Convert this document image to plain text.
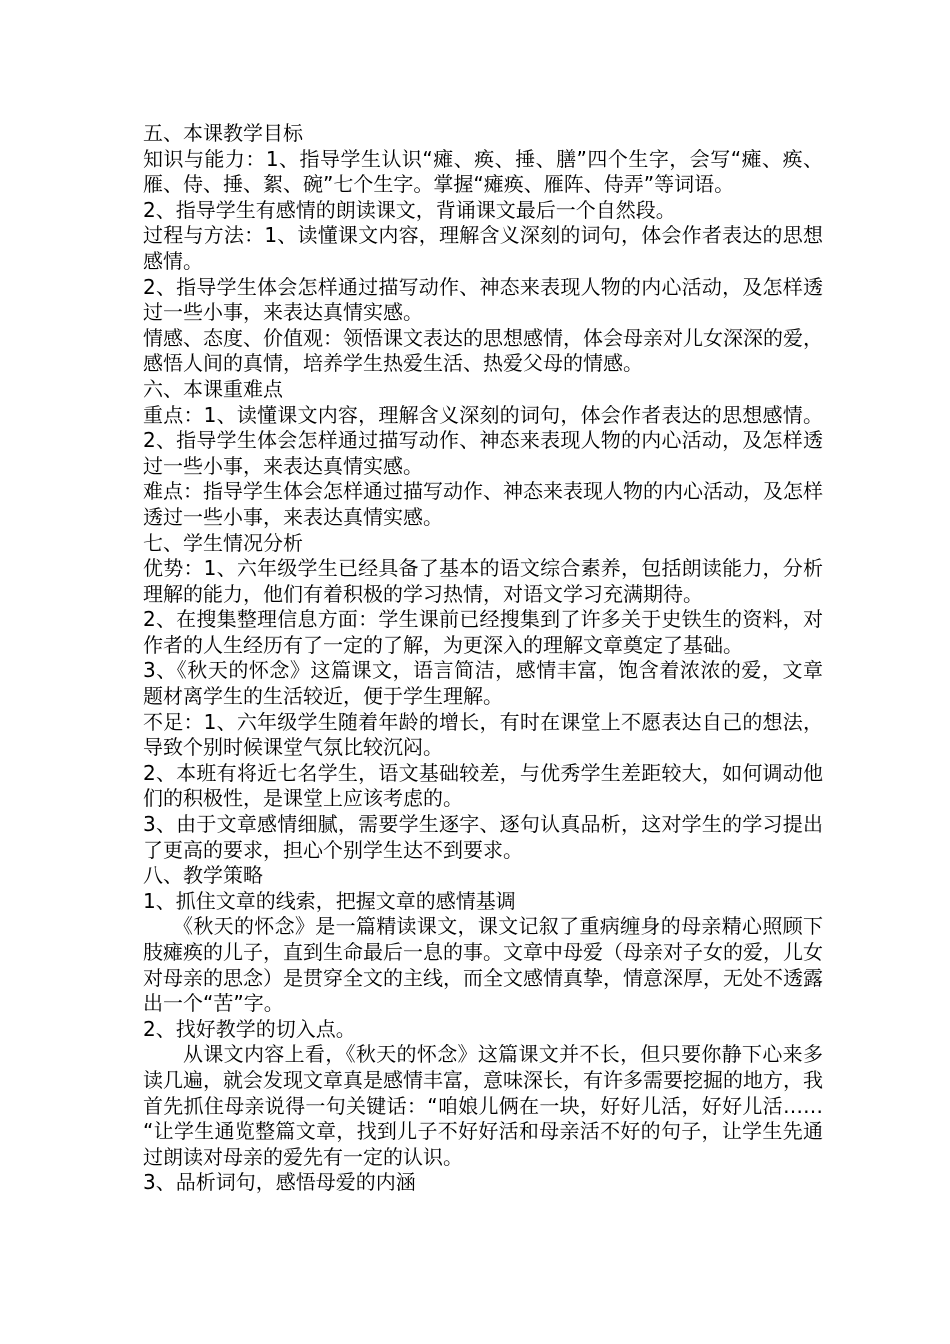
五、本课教学目标

知识与能力：1、指导学生认识“瘫、痪、捶、膳”四个生字，会写“瘫、痪、雁、侍、捶、絮、碗”七个生字。掌握“瘫痪、雁阵、侍弄”等词语。

2、指导学生有感情的朗读课文，背诵课文最后一个自然段。

过程与方法：1、读懂课文内容，理解含义深刻的词句，体会作者表达的思想感情。

2、指导学生体会怎样通过描写动作、神态来表现人物的内心活动，及怎样透过一些小事，来表达真情实感。

情感、态度、价值观：领悟课文表达的思想感情，体会母亲对儿女深深的爱，感悟人间的真情，培养学生热爱生活、热爱父母的情感。

六、本课重难点

重点：1、读懂课文内容，理解含义深刻的词句，体会作者表达的思想感情。2、指导学生体会怎样通过描写动作、神态来表现人物的内心活动，及怎样透过一些小事，来表达真情实感。

难点：指导学生体会怎样通过描写动作、神态来表现人物的内心活动，及怎样透过一些小事，来表达真情实感。

七、学生情况分析

优势：1、六年级学生已经具备了基本的语文综合素养，包括朗读能力，分析理解的能力，他们有着积极的学习热情，对语文学习充满期待。

2、在搜集整理信息方面：学生课前已经搜集到了许多关于史铁生的资料，对作者的人生经历有了一定的了解，为更深入的理解文章奠定了基础。

3、《秋天的怀念》这篇课文，语言简洁，感情丰富，饱含着浓浓的爱，文章题材离学生的生活较近，便于学生理解。

不足：1、六年级学生随着年龄的增长，有时在课堂上不愿表达自己的想法，导致个别时候课堂气氛比较沉闷。

2、本班有将近七名学生，语文基础较差，与优秀学生差距较大，如何调动他们的积极性，是课堂上应该考虑的。

3、由于文章感情细腻，需要学生逐字、逐句认真品析，这对学生的学习提出了更高的要求，担心个别学生达不到要求。

八、教学策略

1、抓住文章的线索，把握文章的感情基调

《秋天的怀念》是一篇精读课文，课文记叙了重病缠身的母亲精心照顾下肢瘫痪的儿子，直到生命最后一息的事。文章中母爱（母亲对子女的爱，儿女对母亲的思念）是贯穿全文的主线，而全文感情真挚，情意深厚，无处不透露出一个“苦”字。

2、找好教学的切入点。

从课文内容上看，《秋天的怀念》这篇课文并不长，但只要你静下心来多读几遍，就会发现文章真是感情丰富，意味深长，有许多需要挖掘的地方，我首先抓住母亲说得一句关键话：“咱娘儿俩在一块，好好儿活，好好儿活…… “让学生通览整篇文章，找到儿子不好好活和母亲活不好的句子，让学生先通过朗读对母亲的爱先有一定的认识。

3、品析词句，感悟母爱的内涵
